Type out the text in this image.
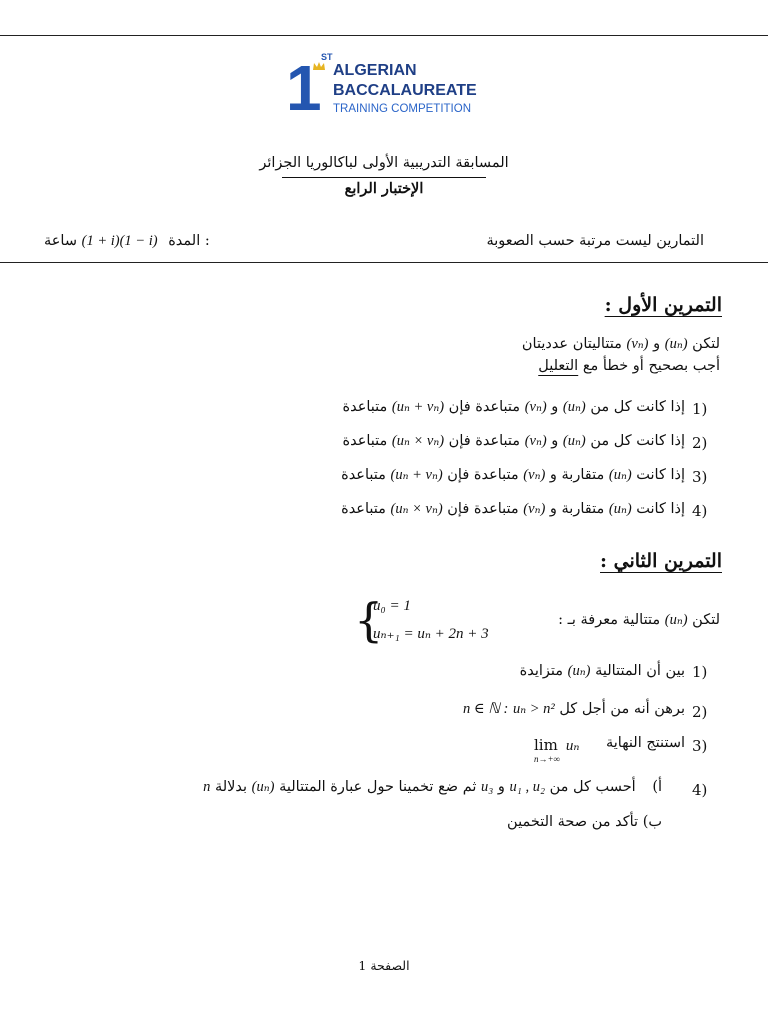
1 ST
ALGERIAN
BACCALAUREATE
TRAINING COMPETITION
المسابقة التدريبية الأولى لباكالوريا الجزائر
الإختبار الرابع
التمارين ليست مرتبة حسب الصعوبة
ساعة (1 + i)(1 − i) المدة :
التمرين الأول :
لتكن (uₙ) و (vₙ) متتاليتان عدديتان
أجب بصحيح أو خطأ مع التعليل
1)
إذا كانت كل من (uₙ) و (vₙ) متباعدة فإن (uₙ + vₙ) متباعدة
2)
إذا كانت كل من (uₙ) و (vₙ) متباعدة فإن (uₙ × vₙ) متباعدة
3)
إذا كانت (uₙ) متقاربة و (vₙ) متباعدة فإن (uₙ + vₙ) متباعدة
4)
إذا كانت (uₙ) متقاربة و (vₙ) متباعدة فإن (uₙ × vₙ) متباعدة
التمرين الثاني :
لتكن (uₙ) متتالية معرفة بـ :
{
u₀ = 1
uₙ₊₁ = uₙ + 2n + 3
1)
بين أن المتتالية (uₙ) متزايدة
2)
برهن أنه من أجل كل n ∈ ℕ : uₙ > n²
3)
استنتج النهاية
lim uₙ
n→+∞
4)
أ) أحسب كل من u₁ , u₂ و u₃ ثم ضع تخمينا حول عبارة المتتالية (uₙ) بدلالة n
ب) تأكد من صحة التخمين
الصفحة 1
